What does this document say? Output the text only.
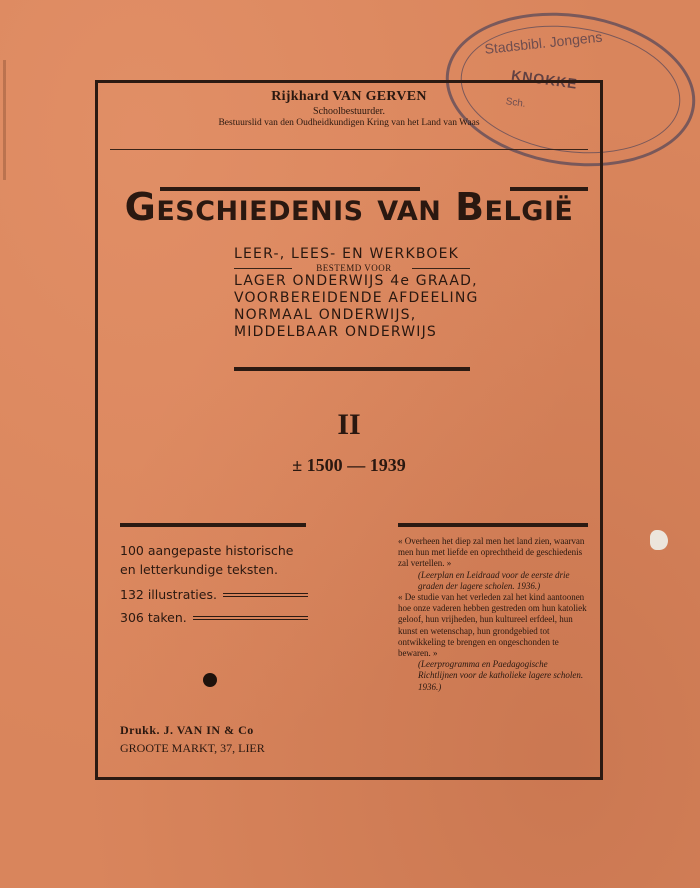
Stadsbibl. Jongens
KNOKKE
Sch.
Rijkhard VAN GERVEN
Schoolbestuurder.
Bestuurslid van den Oudheidkundigen Kring van het Land van Waas
Geschiedenis van België
LEER-, LEES- EN WERKBOEK
BESTEMD VOOR
LAGER ONDERWIJS 4e GRAAD,
VOORBEREIDENDE AFDEELING
NORMAAL ONDERWIJS,
MIDDELBAAR ONDERWIJS
II
± 1500 — 1939
100 aangepaste historische en letterkundige teksten.
132 illustraties.
306 taken.
Drukk. J. VAN IN & Co
GROOTE MARKT, 37, LIER
« Overheen het diep zal men het land zien, waarvan men hun met liefde en oprechtheid de geschiedenis zal vertellen. »
(Leerplan en Leidraad voor de eerste drie graden der lagere scholen. 1936.)
« De studie van het verleden zal het kind aantoonen hoe onze vaderen hebben gestreden om hun katoliek geloof, hun vrijheden, hun kultureel erfdeel, hun kunst en wetenschap, hun grondgebied tot ontwikkeling te brengen en ongeschonden te bewaren. »
(Leerprogramma en Paedagogische Richtlijnen voor de katholieke lagere scholen. 1936.)
